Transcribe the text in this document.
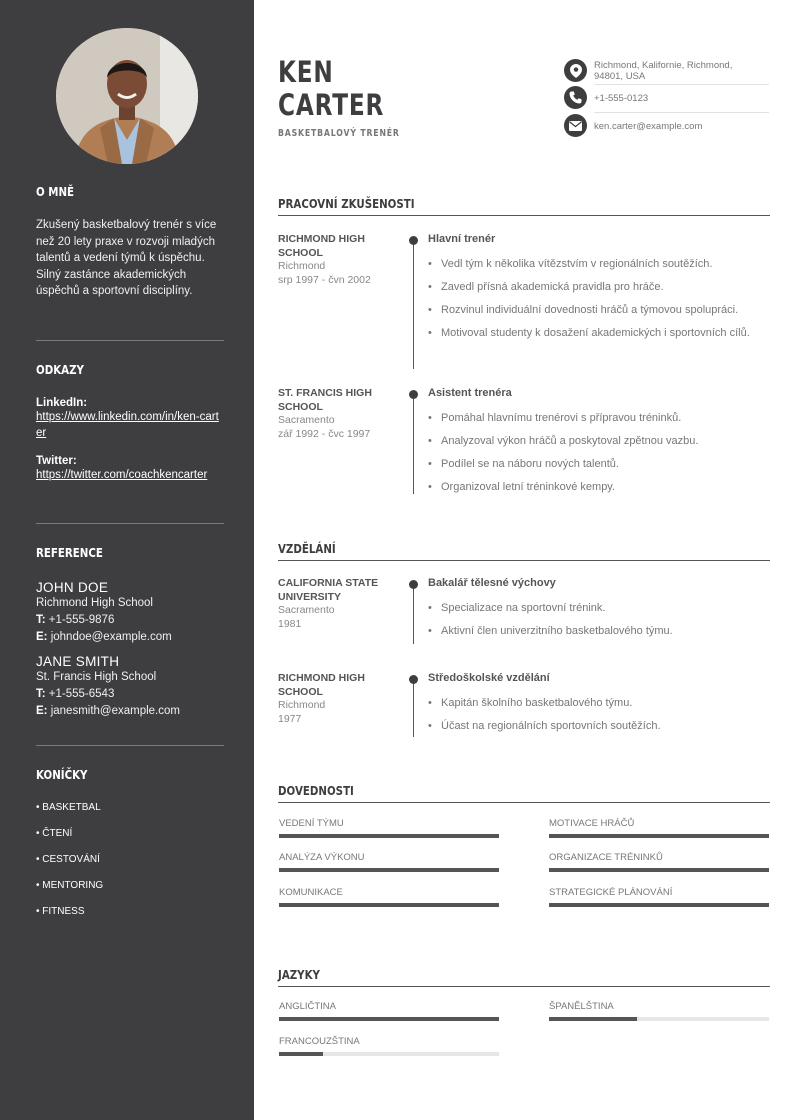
O MNĚ
Zkušený basketbalový trenér s více než 20 lety praxe v rozvoji mladých talentů a vedení týmů k úspěchu. Silný zastánce akademických úspěchů a sportovní disciplíny.
ODKAZY
LinkedIn:
https://www.linkedin.com/in/ken-carter
Twitter:
https://twitter.com/coachkencarter
REFERENCE
JOHN DOE
Richmond High School
T: +1-555-9876
E: johndoe@example.com
JANE SMITH
St. Francis High School
T: +1-555-6543
E: janesmith@example.com
KONÍČKY
• BASKETBAL
• ČTENÍ
• CESTOVÁNÍ
• MENTORING
• FITNESS
KEN
CARTER
BASKETBALOVÝ TRENÉR
Richmond, Kalifornie, Richmond,
94801, USA
+1-555-0123
ken.carter@example.com
PRACOVNÍ ZKUŠENOSTI
RICHMOND HIGH SCHOOL
Richmond
srp 1997 - čvn 2002
Hlavní trenér
• Vedl tým k několika vítězstvím v regionálních soutěžích.
• Zavedl přísná akademická pravidla pro hráče.
• Rozvinul individuální dovednosti hráčů a týmovou spolupráci.
• Motivoval studenty k dosažení akademických i sportovních cílů.
ST. FRANCIS HIGH SCHOOL
Sacramento
zář 1992 - čvc 1997
Asistent trenéra
• Pomáhal hlavnímu trenérovi s přípravou tréninků.
• Analyzoval výkon hráčů a poskytoval zpětnou vazbu.
• Podílel se na náboru nových talentů.
• Organizoval letní tréninkové kempy.
VZDĚLÁNÍ
CALIFORNIA STATE UNIVERSITY
Sacramento
1981
Bakalář tělesné výchovy
• Specializace na sportovní trénink.
• Aktivní člen univerzitního basketbalového týmu.
RICHMOND HIGH SCHOOL
Richmond
1977
Středoškolské vzdělání
• Kapitán školního basketbalového týmu.
• Účast na regionálních sportovních soutěžích.
DOVEDNOSTI
VEDENÍ TÝMU	MOTIVACE HRÁČŮ
ANALÝZA VÝKONU	ORGANIZACE TRÉNINKŮ
KOMUNIKACE	STRATEGICKÉ PLÁNOVÁNÍ
JAZYKY
ANGLIČTINA	ŠPANĚLŠTINA
FRANCOUZŠTINA
